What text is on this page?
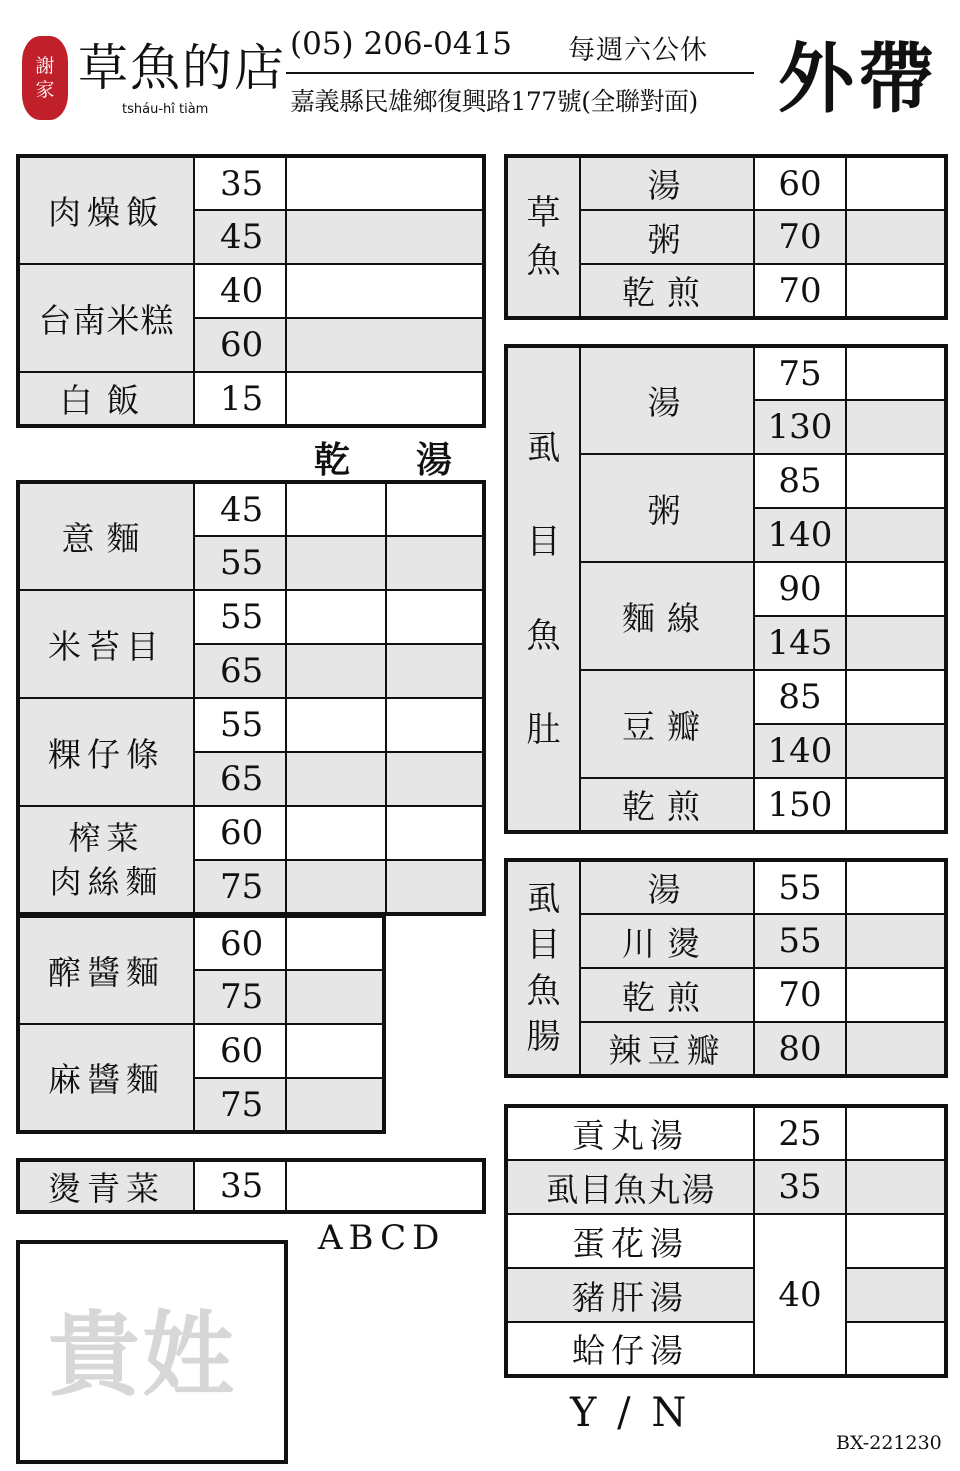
謝
家 草魚的店
tsháu-hî tiàm
(05) 206-0415 每週六公休
嘉義縣民雄鄉復興路177號(全聯對面) 外帶
肉燥飯	35	
	45	
台南米糕	40	
	60	
白飯	15	
乾 湯
意麵	45		
	55		
米苔目	55		
	65		
粿仔條	55		
	65		

榨菜
肉絲麵	60		
	75		
醡醬麵	60	
	75	
麻醬麵	60	
	75	
燙青菜	35	
ABCD
貴姓
草
魚	湯	60	
	粥	70	
	乾煎	70	
虱
目
魚
肚	湯	75	
		130	
	粥	85	
		140	
	麵線	90	
		145	
	豆瓣	85	
		140	
	乾煎	150	
虱
目
魚
腸	湯	55	
	川燙	55	
	乾煎	70	
	辣豆瓣	80	
貢丸湯	25	
虱目魚丸湯	35	
蛋花湯	40	
豬肝湯		
蛤仔湯		
Y / N
BX-221230
